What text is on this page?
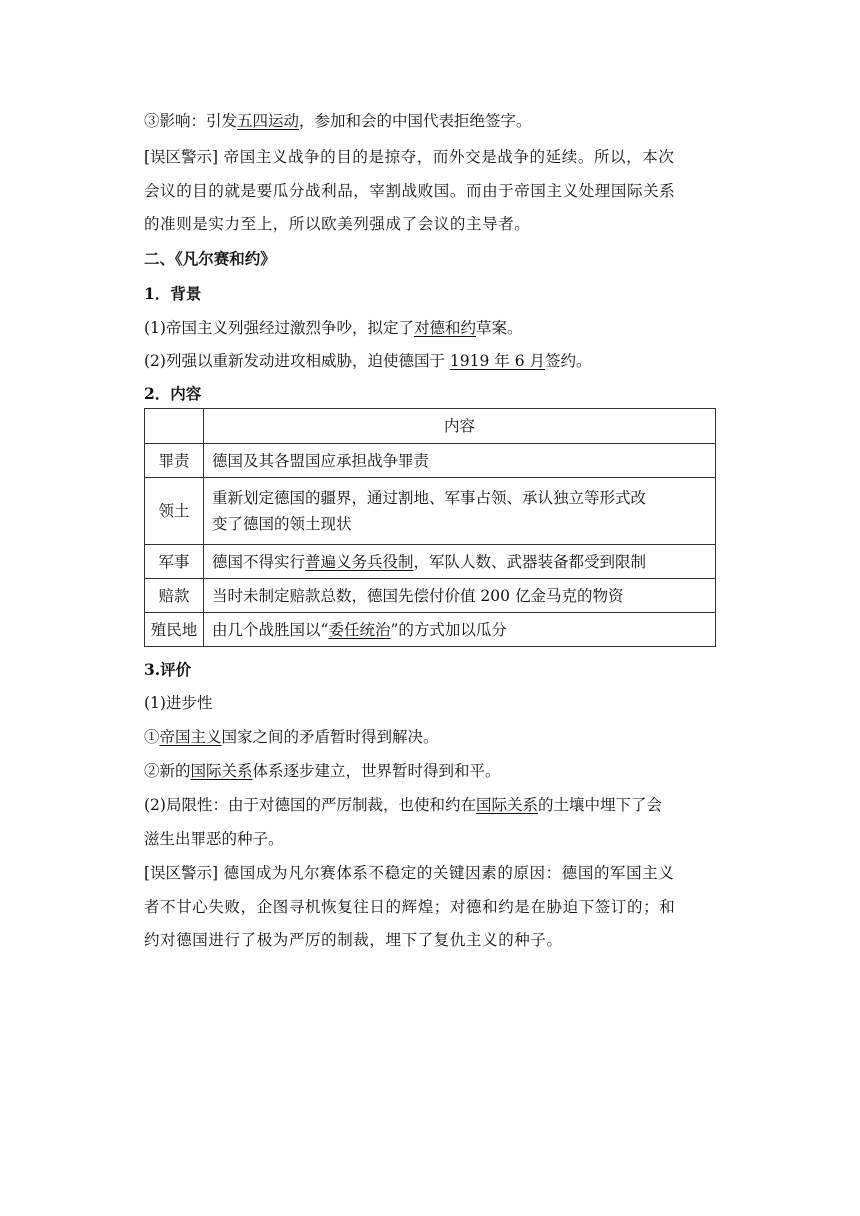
③影响：引发五四运动，参加和会的中国代表拒绝签字。
[误区警示] 帝国主义战争的目的是掠夺，而外交是战争的延续。所以，本次
会议的目的就是要瓜分战利品，宰割战败国。而由于帝国主义处理国际关系
的准则是实力至上，所以欧美列强成了会议的主导者。
二、《凡尔赛和约》
1．背景
(1)帝国主义列强经过激烈争吵，拟定了对德和约草案。
(2)列强以重新发动进攻相威胁，迫使德国于 1919 年 6 月签约。
2．内容
	内容
罪责	德国及其各盟国应承担战争罪责
领土	重新划定德国的疆界，通过割地、军事占领、承认独立等形式改
变了德国的领土现状
军事	德国不得实行普遍义务兵役制，军队人数、武器装备都受到限制
赔款	当时未制定赔款总数，德国先偿付价值 200 亿金马克的物资
殖民地	由几个战胜国以“委任统治”的方式加以瓜分
3.评价
(1)进步性
①帝国主义国家之间的矛盾暂时得到解决。
②新的国际关系体系逐步建立，世界暂时得到和平。
(2)局限性：由于对德国的严厉制裁，也使和约在国际关系的土壤中埋下了会
滋生出罪恶的种子。
[误区警示] 德国成为凡尔赛体系不稳定的关键因素的原因：德国的军国主义
者不甘心失败，企图寻机恢复往日的辉煌；对德和约是在胁迫下签订的；和
约对德国进行了极为严厉的制裁，埋下了复仇主义的种子。
